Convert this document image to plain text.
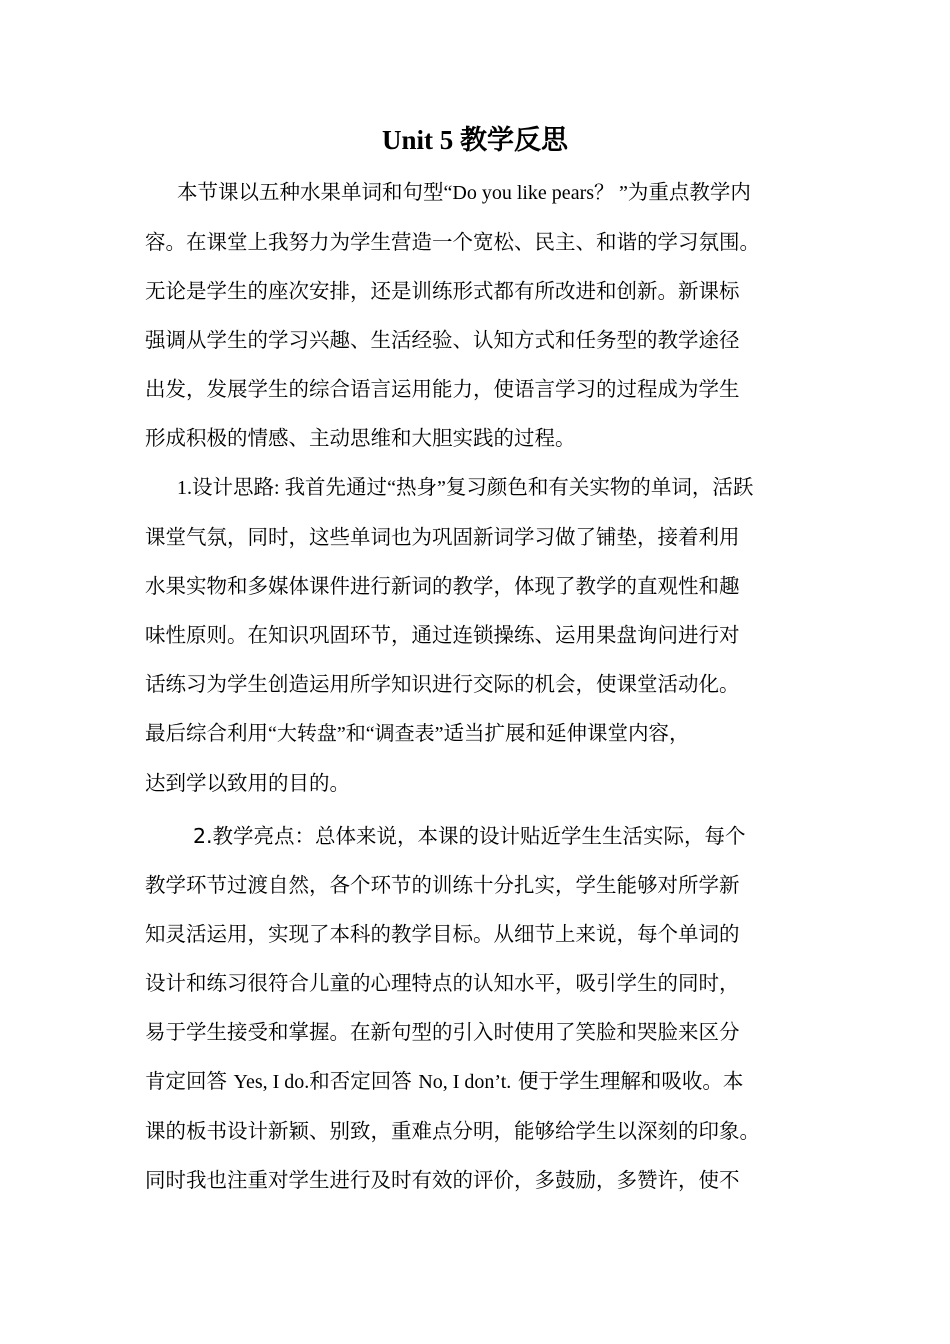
Unit 5 教学反思
本节课以五种水果单词和句型“Do you like pears？ ”为重点教学内
容。在课堂上我努力为学生营造一个宽松、民主、和谐的学习氛围。
无论是学生的座次安排，还是训练形式都有所改进和创新。新课标
强调从学生的学习兴趣、生活经验、认知方式和任务型的教学途径
出发，发展学生的综合语言运用能力，使语言学习的过程成为学生
形成积极的情感、主动思维和大胆实践的过程。
1.设计思路: 我首先通过“热身”复习颜色和有关实物的单词，活跃
课堂气氛，同时，这些单词也为巩固新词学习做了铺垫，接着利用
水果实物和多媒体课件进行新词的教学，体现了教学的直观性和趣
味性原则。在知识巩固环节，通过连锁操练、运用果盘询问进行对
话练习为学生创造运用所学知识进行交际的机会，使课堂活动化。
最后综合利用“大转盘”和“调查表”适当扩展和延伸课堂内容，
达到学以致用的目的。
2.教学亮点：总体来说，本课的设计贴近学生生活实际，每个
教学环节过渡自然，各个环节的训练十分扎实，学生能够对所学新
知灵活运用，实现了本科的教学目标。从细节上来说，每个单词的
设计和练习很符合儿童的心理特点的认知水平，吸引学生的同时，
易于学生接受和掌握。在新句型的引入时使用了笑脸和哭脸来区分
肯定回答 Yes, I do.和否定回答 No, I don’t. 便于学生理解和吸收。本
课的板书设计新颖、别致，重难点分明，能够给学生以深刻的印象。
同时我也注重对学生进行及时有效的评价，多鼓励，多赞许，使不
